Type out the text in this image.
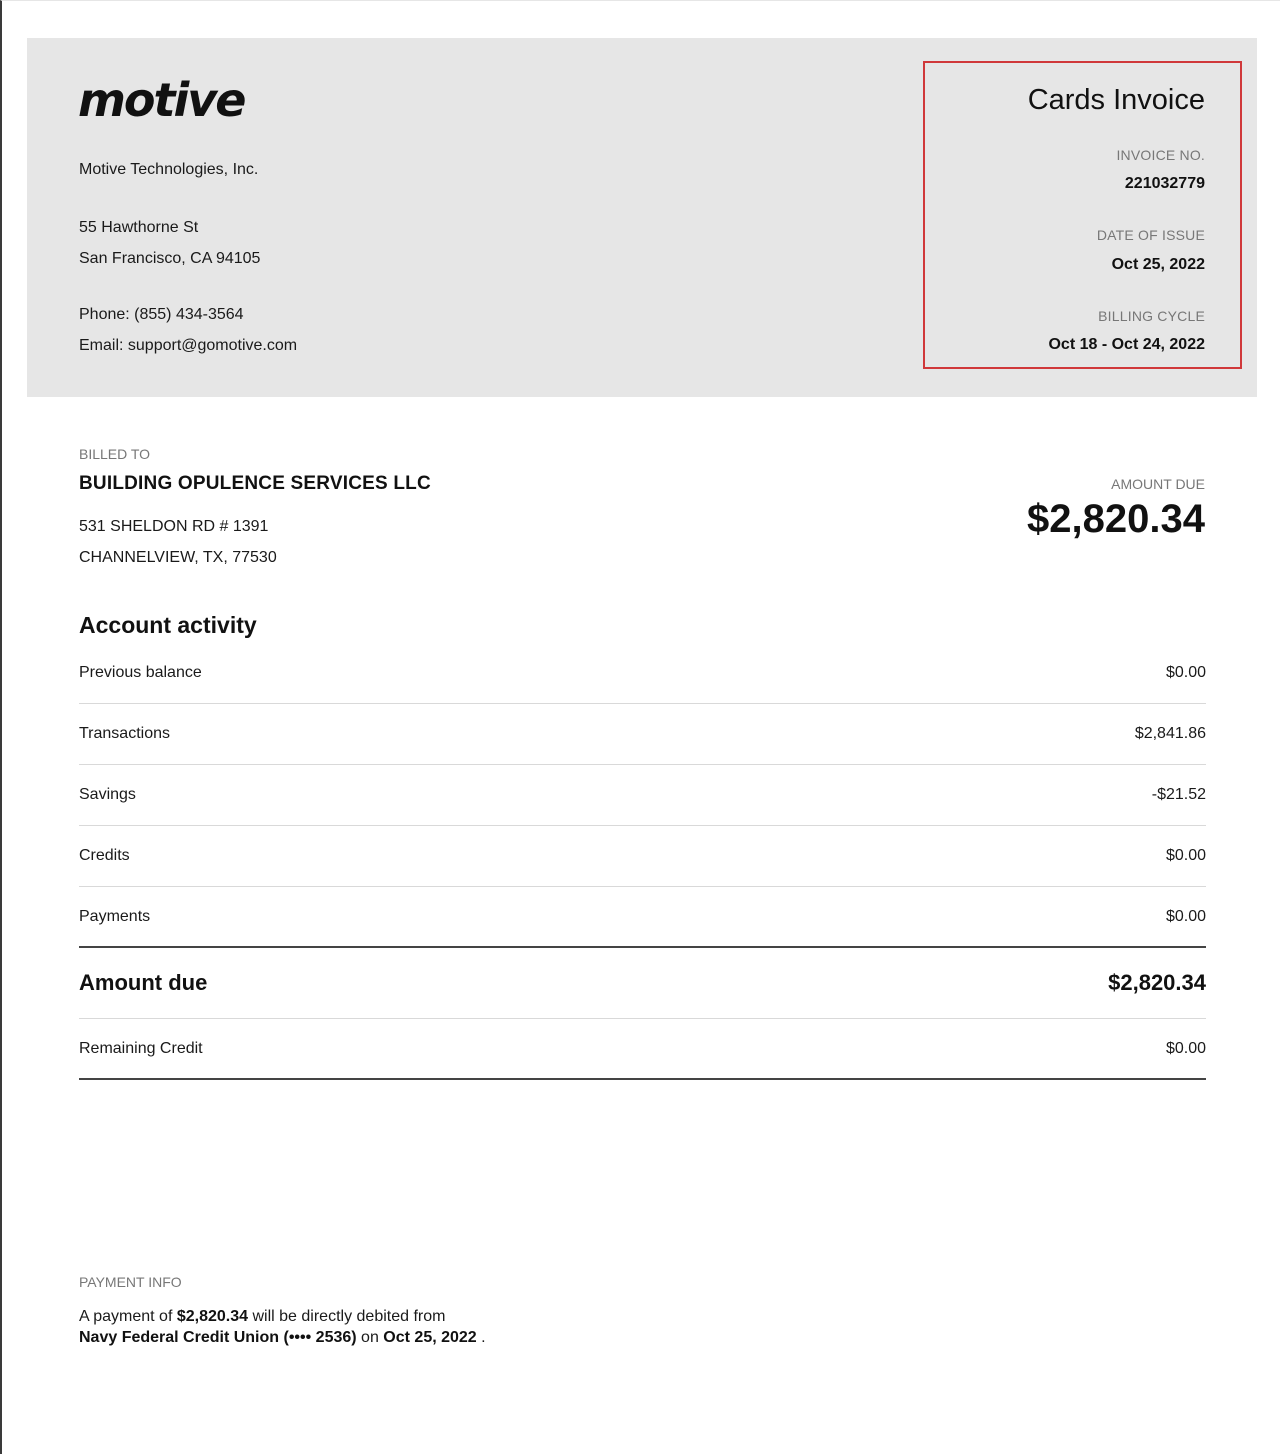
motive
Motive Technologies, Inc.
55 Hawthorne St
San Francisco, CA 94105
Phone: (855) 434-3564
Email: support@gomotive.com
Cards Invoice
INVOICE NO.
221032779
DATE OF ISSUE
Oct 25, 2022
BILLING CYCLE
Oct 18 - Oct 24, 2022
BILLED TO
BUILDING OPULENCE SERVICES LLC
531 SHELDON RD # 1391
CHANNELVIEW, TX, 77530
AMOUNT DUE
$2,820.34
Account activity
Previous balance	$0.00
Transactions	$2,841.86
Savings	-$21.52
Credits	$0.00
Payments	$0.00
Amount due	$2,820.34
Remaining Credit	$0.00
PAYMENT INFO
A payment of $2,820.34 will be directly debited from
Navy Federal Credit Union (•••• 2536) on Oct 25, 2022 .
